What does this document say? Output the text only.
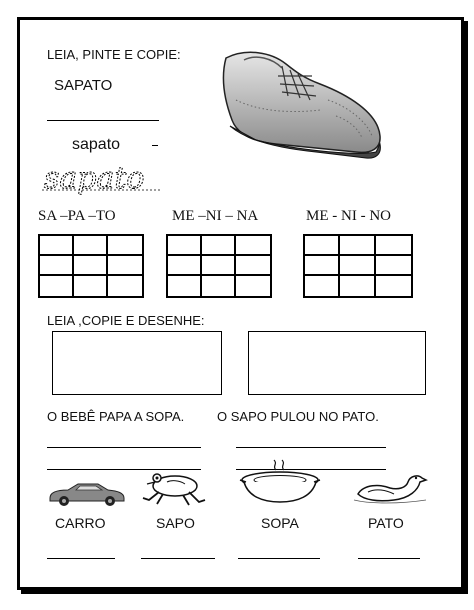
LEIA, PINTE E COPIE:
SAPATO
sapato
sapato
SA –PA –TO	ME –NI – NA	ME - NI - NO
LEIA ,COPIE E DESENHE:
O BEBÊ PAPA A SOPA.	O SAPO PULOU NO PATO.
CARRO	SAPO	SOPA	PATO
